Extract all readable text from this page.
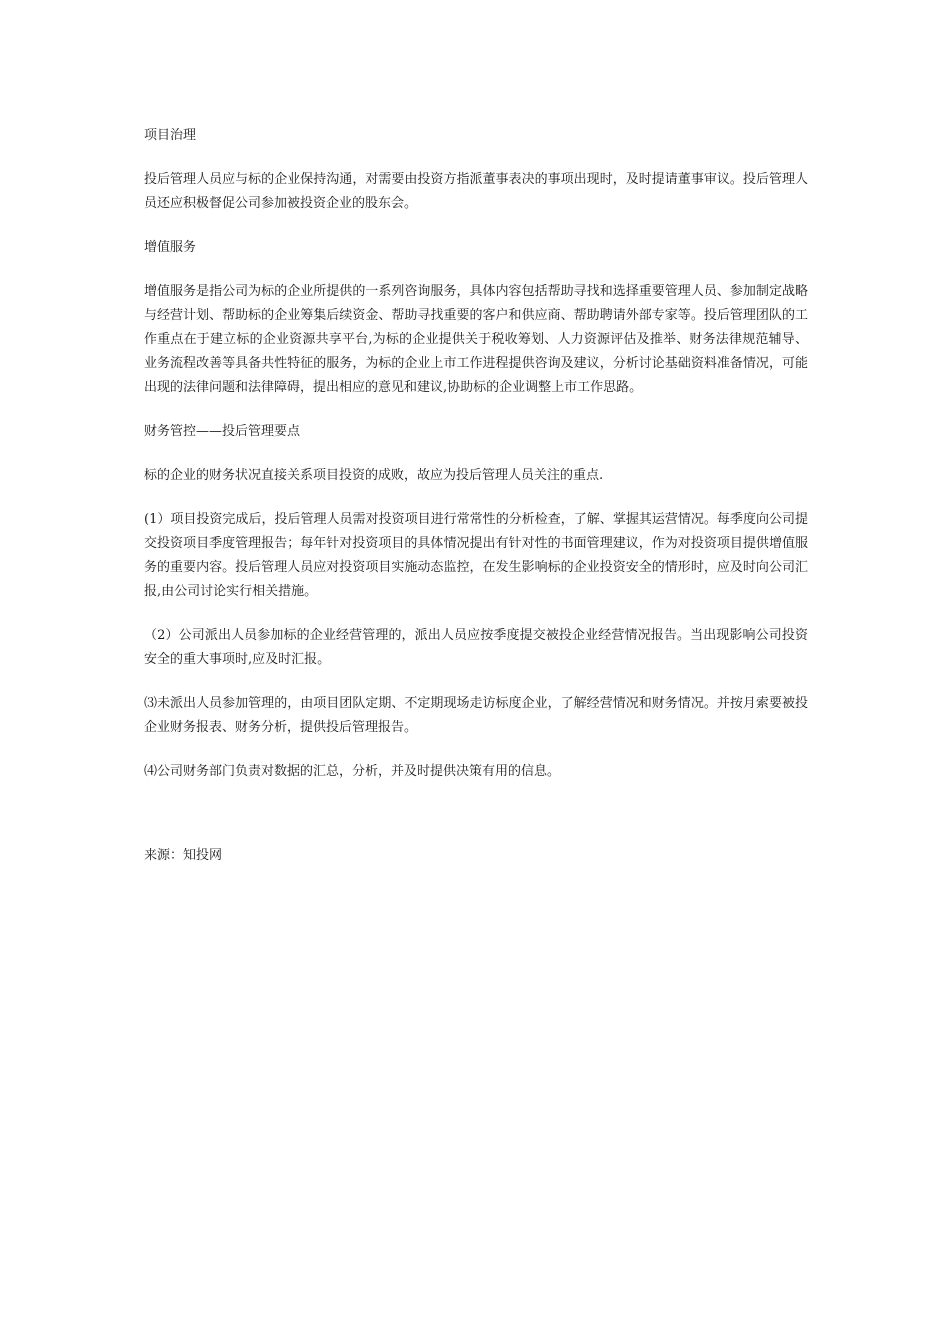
项目治理
投后管理人员应与标的企业保持沟通，对需要由投资方指派董事表决的事项出现时，及时提请董事审议。投后管理人员还应积极督促公司参加被投资企业的股东会。
增值服务
增值服务是指公司为标的企业所提供的一系列咨询服务，具体内容包括帮助寻找和选择重要管理人员、参加制定战略与经营计划、帮助标的企业筹集后续资金、帮助寻找重要的客户和供应商、帮助聘请外部专家等。投后管理团队的工作重点在于建立标的企业资源共享平台,为标的企业提供关于税收筹划、人力资源评估及推举、财务法律规范辅导、业务流程改善等具备共性特征的服务，为标的企业上市工作进程提供咨询及建议，分析讨论基础资料准备情况，可能出现的法律问题和法律障碍，提出相应的意见和建议,协助标的企业调整上市工作思路。
财务管控——投后管理要点
标的企业的财务状况直接关系项目投资的成败，故应为投后管理人员关注的重点.
(1）项目投资完成后，投后管理人员需对投资项目进行常常性的分析检查，了解、掌握其运营情况。每季度向公司提交投资项目季度管理报告；每年针对投资项目的具体情况提出有针对性的书面管理建议，作为对投资项目提供增值服务的重要内容。投后管理人员应对投资项目实施动态监控，在发生影响标的企业投资安全的情形时，应及时向公司汇报,由公司讨论实行相关措施。
（2）公司派出人员参加标的企业经营管理的，派出人员应按季度提交被投企业经营情况报告。当出现影响公司投资安全的重大事项时,应及时汇报。
⑶未派出人员参加管理的，由项目团队定期、不定期现场走访标度企业，了解经营情况和财务情况。并按月索要被投企业财务报表、财务分析，提供投后管理报告。
⑷公司财务部门负责对数据的汇总，分析，并及时提供决策有用的信息。
来源：知投网
